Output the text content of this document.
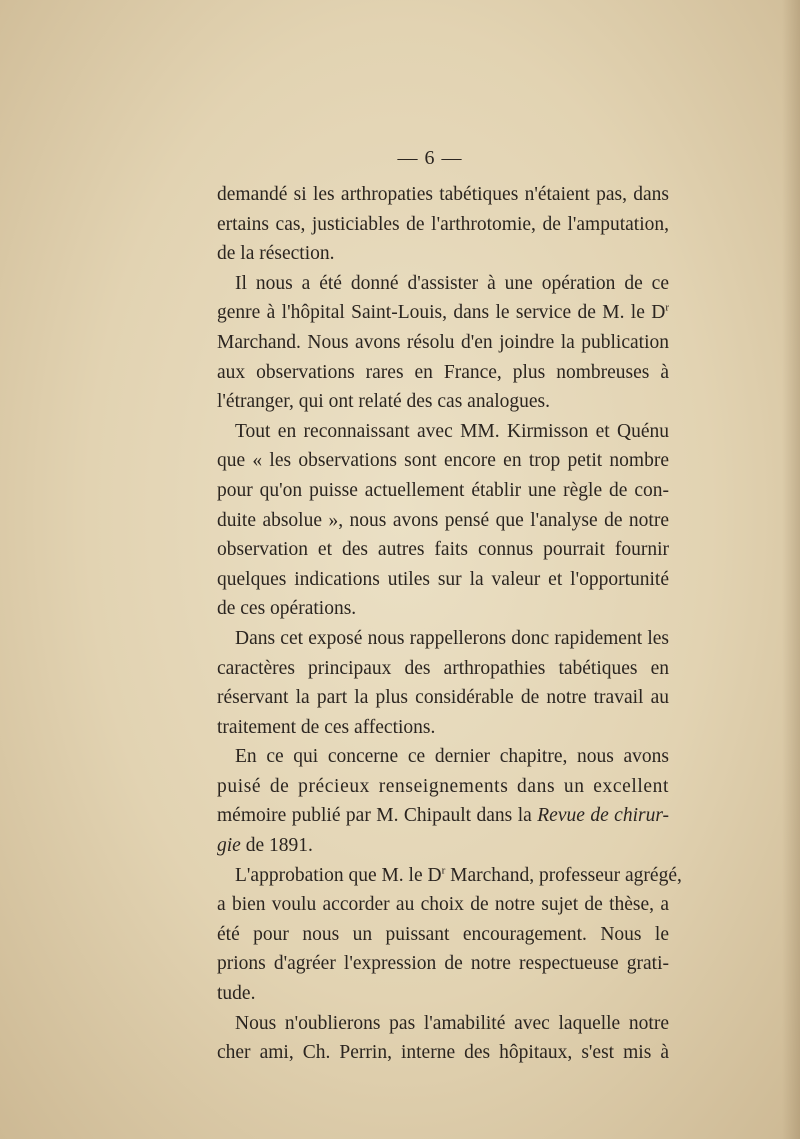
— 6 —
demandé si les arthropaties tabétiques n'étaient pas, dans
ertains cas, justiciables de l'arthrotomie, de l'amputation,
de la résection.
Il nous a été donné d'assister à une opération de ce
genre à l'hôpital Saint-Louis, dans le service de M. le $D^r$
Marchand. Nous avons résolu d'en joindre la publication
aux observations rares en France, plus nombreuses à
l'étranger, qui ont relaté des cas analogues.
Tout en reconnaissant avec MM. Kirmisson et Quénu
que « les observations sont encore en trop petit nombre
pour qu'on puisse actuellement établir une règle de con-
duite absolue », nous avons pensé que l'analyse de notre
observation et des autres faits connus pourrait fournir
quelques indications utiles sur la valeur et l'opportunité
de ces opérations.
Dans cet exposé nous rappellerons donc rapidement les
caractères principaux des arthropathies tabétiques en
réservant la part la plus considérable de notre travail au
traitement de ces affections.
En ce qui concerne ce dernier chapitre, nous avons
puisé de précieux renseignements dans un excellent
mémoire publié par M. Chipault dans la Revue de chirur-
gie de 1891.
L'approbation que M. le $D^r$ Marchand, professeur agrégé,
a bien voulu accorder au choix de notre sujet de thèse, a
été pour nous un puissant encouragement. Nous le
prions d'agréer l'expression de notre respectueuse grati-
tude.
Nous n'oublierons pas l'amabilité avec laquelle notre
cher ami, Ch. Perrin, interne des hôpitaux, s'est mis à
